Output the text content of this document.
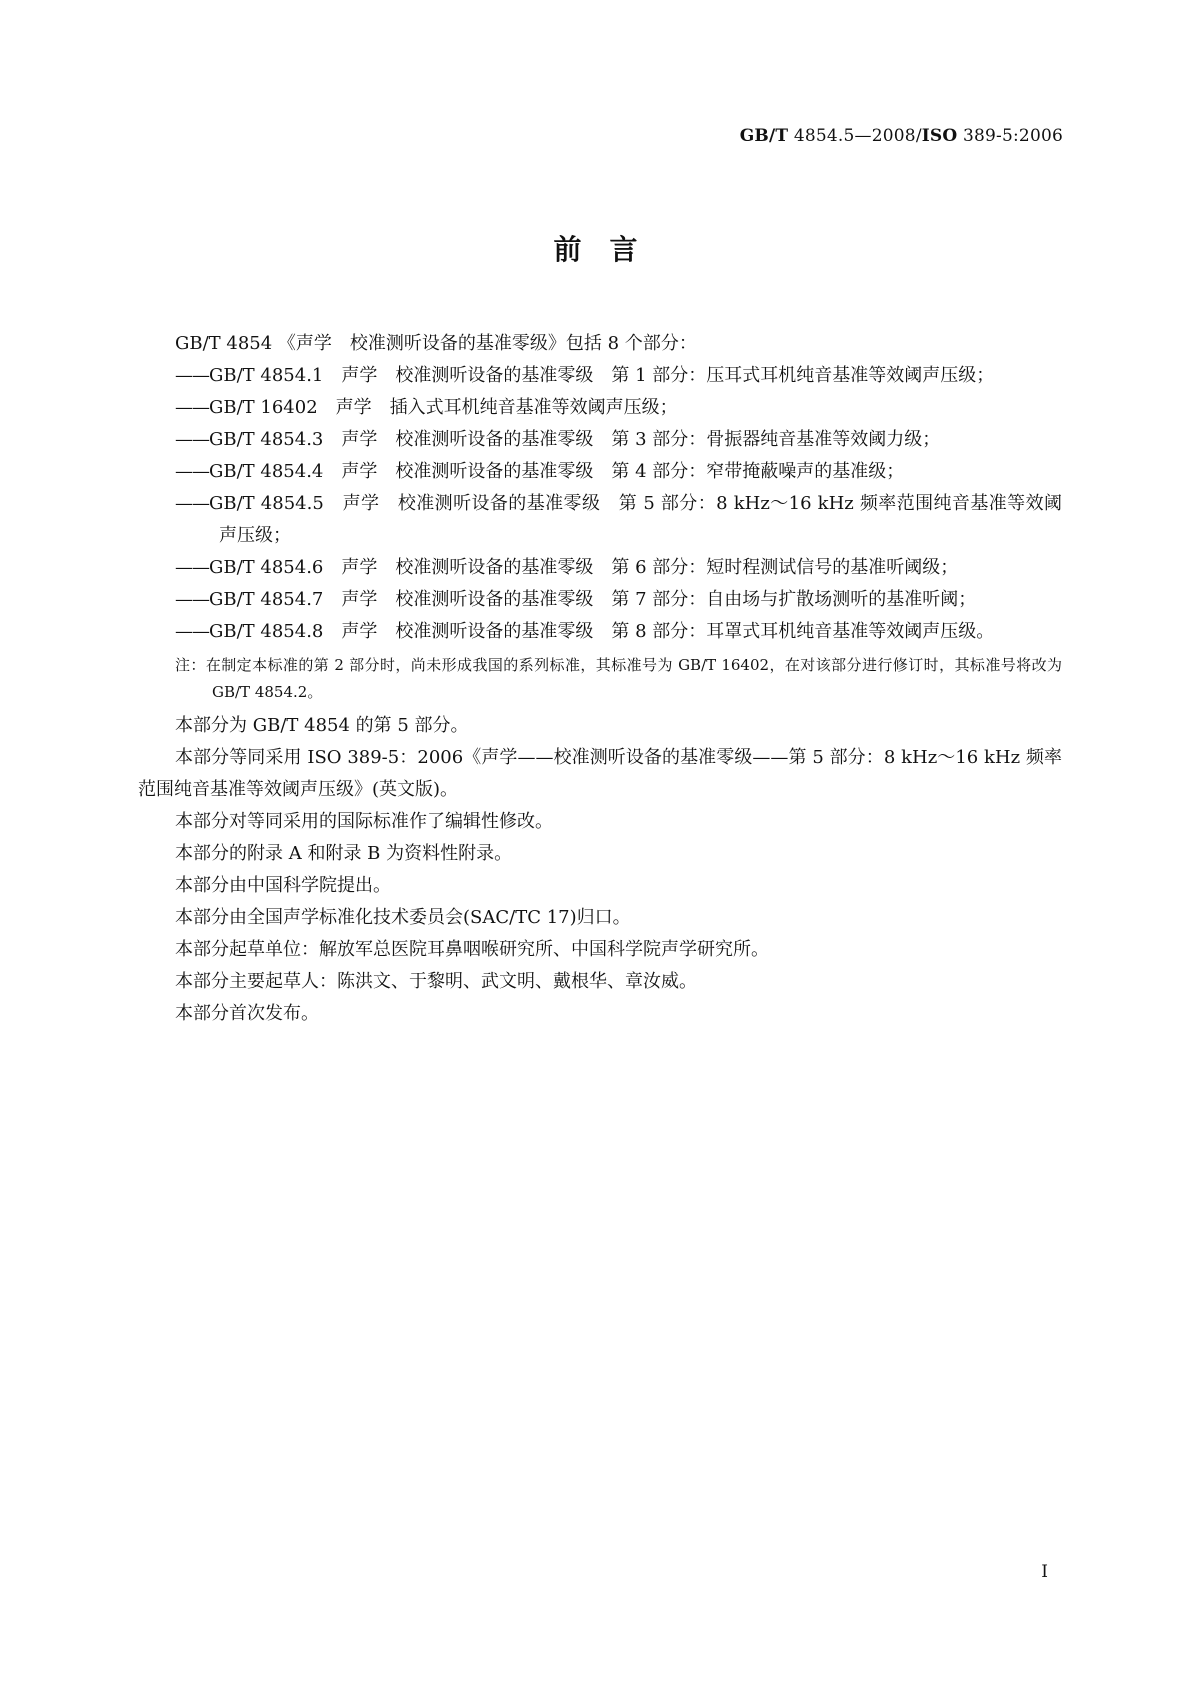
GB/T 4854.5—2008/ISO 389-5:2006
前　言

GB/T 4854 《声学　校准测听设备的基准零级》包括 8 个部分：

——GB/T 4854.1　声学　校准测听设备的基准零级　第 1 部分：压耳式耳机纯音基准等效阈声压级；

——GB/T 16402　声学　插入式耳机纯音基准等效阈声压级；

——GB/T 4854.3　声学　校准测听设备的基准零级　第 3 部分：骨振器纯音基准等效阈力级；

——GB/T 4854.4　声学　校准测听设备的基准零级　第 4 部分：窄带掩蔽噪声的基准级；

——GB/T 4854.5　声学　校准测听设备的基准零级　第 5 部分：8 kHz～16 kHz 频率范围纯音基准等效阈声压级；

——GB/T 4854.6　声学　校准测听设备的基准零级　第 6 部分：短时程测试信号的基准听阈级；

——GB/T 4854.7　声学　校准测听设备的基准零级　第 7 部分：自由场与扩散场测听的基准听阈；

——GB/T 4854.8　声学　校准测听设备的基准零级　第 8 部分：耳罩式耳机纯音基准等效阈声压级。

注：在制定本标准的第 2 部分时，尚未形成我国的系列标准，其标准号为 GB/T 16402，在对该部分进行修订时，其标准号将改为 GB/T 4854.2。

本部分为 GB/T 4854 的第 5 部分。

本部分等同采用 ISO 389-5：2006《声学——校准测听设备的基准零级——第 5 部分：8 kHz～16 kHz 频率范围纯音基准等效阈声压级》(英文版)。

本部分对等同采用的国际标准作了编辑性修改。

本部分的附录 A 和附录 B 为资料性附录。

本部分由中国科学院提出。

本部分由全国声学标准化技术委员会(SAC/TC 17)归口。

本部分起草单位：解放军总医院耳鼻咽喉研究所、中国科学院声学研究所。

本部分主要起草人：陈洪文、于黎明、武文明、戴根华、章汝威。

本部分首次发布。

I
